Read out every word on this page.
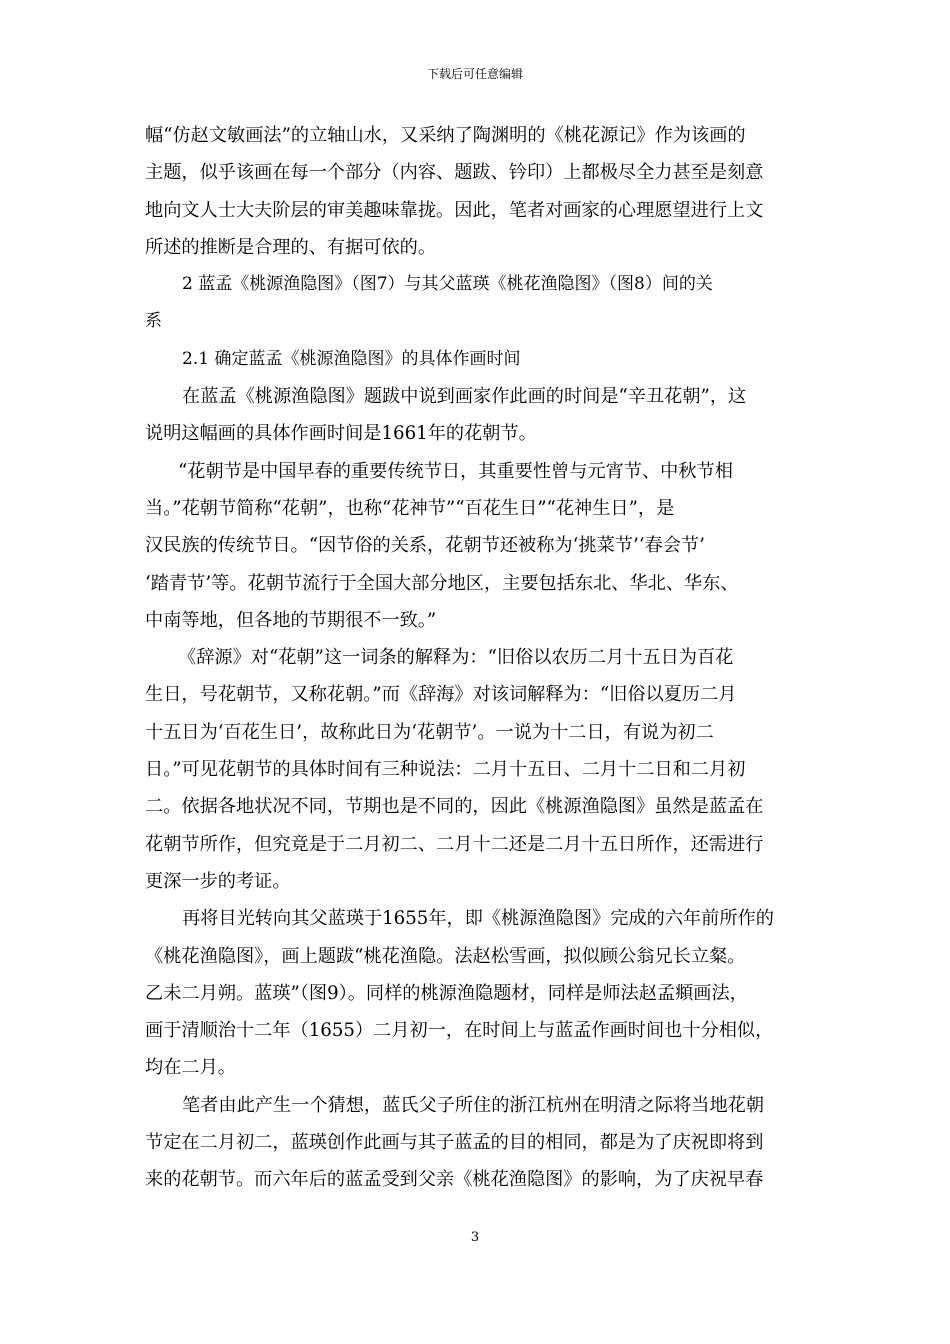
下载后可任意编辑
幅“仿赵文敏画法”的立轴山水，又采纳了陶渊明的《桃花源记》作为该画的
主题，似乎该画在每一个部分（内容、题跋、钤印）上都极尽全力甚至是刻意
地向文人士大夫阶层的审美趣味靠拢。因此，笔者对画家的心理愿望进行上文
所述的推断是合理的、有据可依的。
2 蓝孟《桃源渔隐图》（图7）与其父蓝瑛《桃花渔隐图》（图8）间的关
系
2.1 确定蓝孟《桃源渔隐图》的具体作画时间
在蓝孟《桃源渔隐图》题跋中说到画家作此画的时间是“辛丑花朝”，这
说明这幅画的具体作画时间是1661年的花朝节。
“花朝节是中国早春的重要传统节日，其重要性曾与元宵节、中秋节相
当。”花朝节简称“花朝”，也称“花神节”“百花生日”“花神生日”，是
汉民族的传统节日。“因节俗的关系，花朝节还被称为‘挑菜节’‘春会节’
‘踏青节’等。花朝节流行于全国大部分地区，主要包括东北、华北、华东、
中南等地，但各地的节期很不一致。”
《辞源》对“花朝”这一词条的解释为：“旧俗以农历二月十五日为百花
生日，号花朝节，又称花朝。”而《辞海》对该词解释为：“旧俗以夏历二月
十五日为‘百花生日’，故称此日为‘花朝节’。一说为十二日，有说为初二
日。”可见花朝节的具体时间有三种说法：二月十五日、二月十二日和二月初
二。依据各地状况不同，节期也是不同的，因此《桃源渔隐图》虽然是蓝孟在
花朝节所作，但究竟是于二月初二、二月十二还是二月十五日所作，还需进行
更深一步的考证。
再将目光转向其父蓝瑛于1655年，即《桃源渔隐图》完成的六年前所作的
《桃花渔隐图》，画上题跋“桃花渔隐。法赵松雪画，拟似顾公翁兄长立粲。
乙未二月朔。蓝瑛”（图9）。同样的桃源渔隐题材，同样是师法赵孟頫画法，
画于清顺治十二年（1655）二月初一，在时间上与蓝孟作画时间也十分相似，
均在二月。
笔者由此产生一个猜想，蓝氏父子所住的浙江杭州在明清之际将当地花朝
节定在二月初二，蓝瑛创作此画与其子蓝孟的目的相同，都是为了庆祝即将到
来的花朝节。而六年后的蓝孟受到父亲《桃花渔隐图》的影响，为了庆祝早春
3
